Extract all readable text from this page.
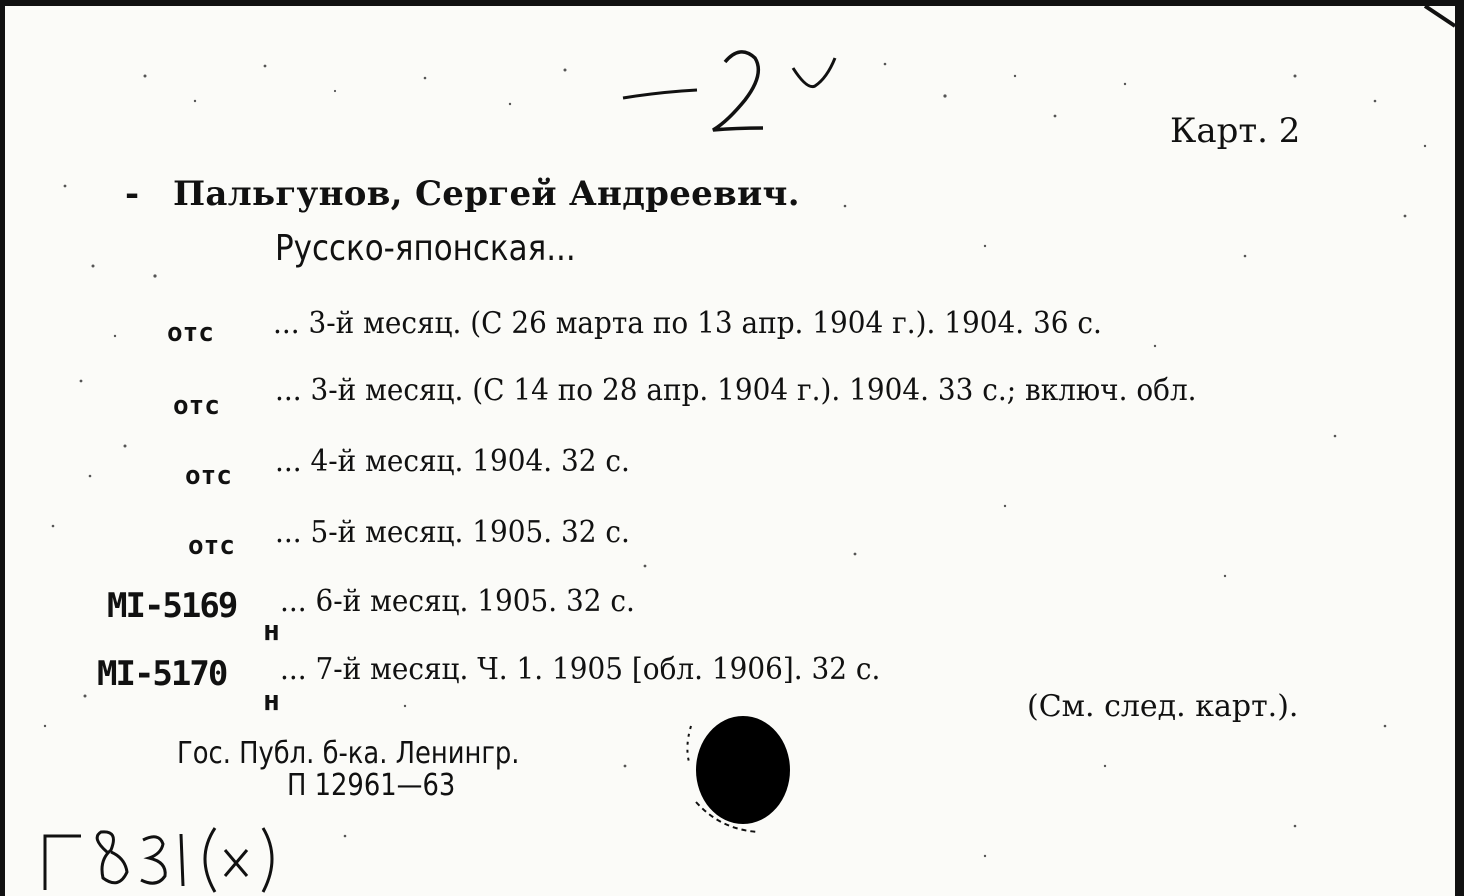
Карт. 2
- Пальгунов, Сергей Андреевич.
Русско-японская...
отс ... 3-й месяц. (С 26 марта по 13 апр. 1904 г.). 1904. 36 с.
отс ... 3-й месяц. (С 14 по 28 апр. 1904 г.). 1904. 33 с.; включ. обл.
отс ... 4-й месяц. 1904. 32 с.
отс ... 5-й месяц. 1905. 32 с.
MI-5169
н
... 6-й месяц. 1905. 32 с.
MI-5170
н
... 7-й месяц. Ч. 1. 1905 [обл. 1906]. 32 с.
(См. след. карт.).
Гос. Публ. б-ка. Ленингр.
П 12961—63
